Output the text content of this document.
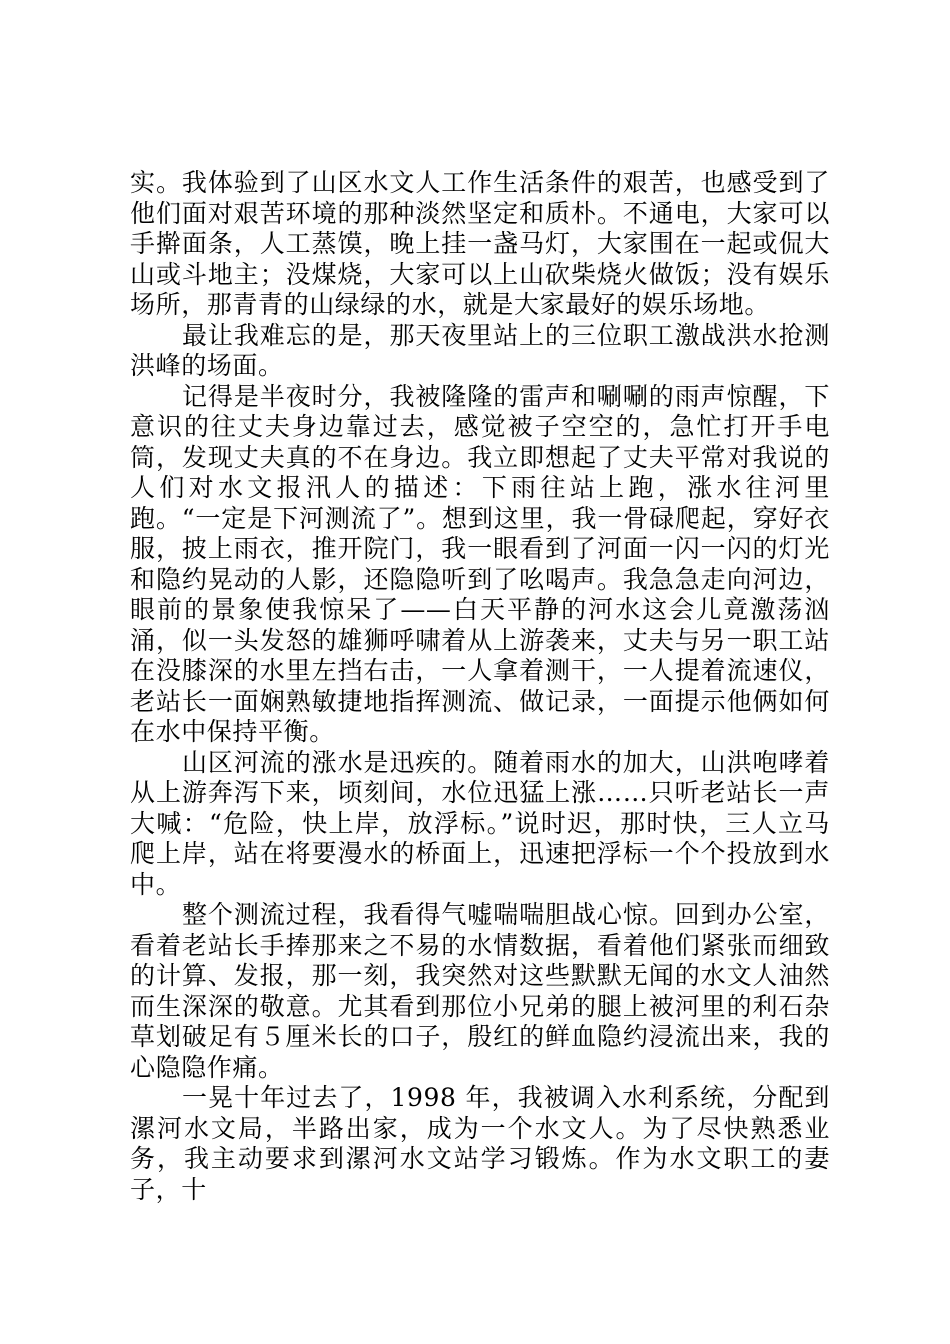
实。我体验到了山区水文人工作生活条件的艰苦，也感受到了他们面对艰苦环境的那种淡然坚定和质朴。不通电，大家可以手擀面条，人工蒸馍，晚上挂一盏马灯，大家围在一起或侃大山或斗地主；没煤烧，大家可以上山砍柴烧火做饭；没有娱乐场所，那青青的山绿绿的水，就是大家最好的娱乐场地。

最让我难忘的是，那天夜里站上的三位职工激战洪水抢测洪峰的场面。

记得是半夜时分，我被隆隆的雷声和唰唰的雨声惊醒，下意识的往丈夫身边靠过去，感觉被子空空的，急忙打开手电筒，发现丈夫真的不在身边。我立即想起了丈夫平常对我说的人们对水文报汛人的描述：下雨往站上跑，涨水往河里跑。“一定是下河测流了”。想到这里，我一骨碌爬起，穿好衣服，披上雨衣，推开院门，我一眼看到了河面一闪一闪的灯光和隐约晃动的人影，还隐隐听到了吆喝声。我急急走向河边，眼前的景象使我惊呆了——白天平静的河水这会儿竟激荡汹涌，似一头发怒的雄狮呼啸着从上游袭来，丈夫与另一职工站在没膝深的水里左挡右击，一人拿着测干，一人提着流速仪，老站长一面娴熟敏捷地指挥测流、做记录，一面提示他俩如何在水中保持平衡。

山区河流的涨水是迅疾的。随着雨水的加大，山洪咆哮着从上游奔泻下来，顷刻间，水位迅猛上涨……只听老站长一声大喊：“危险，快上岸，放浮标。”说时迟，那时快，三人立马爬上岸，站在将要漫水的桥面上，迅速把浮标一个个投放到水中。

整个测流过程，我看得气嘘喘喘胆战心惊。回到办公室，看着老站长手捧那来之不易的水情数据，看着他们紧张而细致的计算、发报，那一刻，我突然对这些默默无闻的水文人油然而生深深的敬意。尤其看到那位小兄弟的腿上被河里的利石杂草划破足有５厘米长的口子，殷红的鲜血隐约浸流出来，我的心隐隐作痛。

一晃十年过去了，1998 年，我被调入水利系统，分配到漯河水文局，半路出家，成为一个水文人。为了尽快熟悉业务，我主动要求到漯河水文站学习锻炼。作为水文职工的妻子，十
